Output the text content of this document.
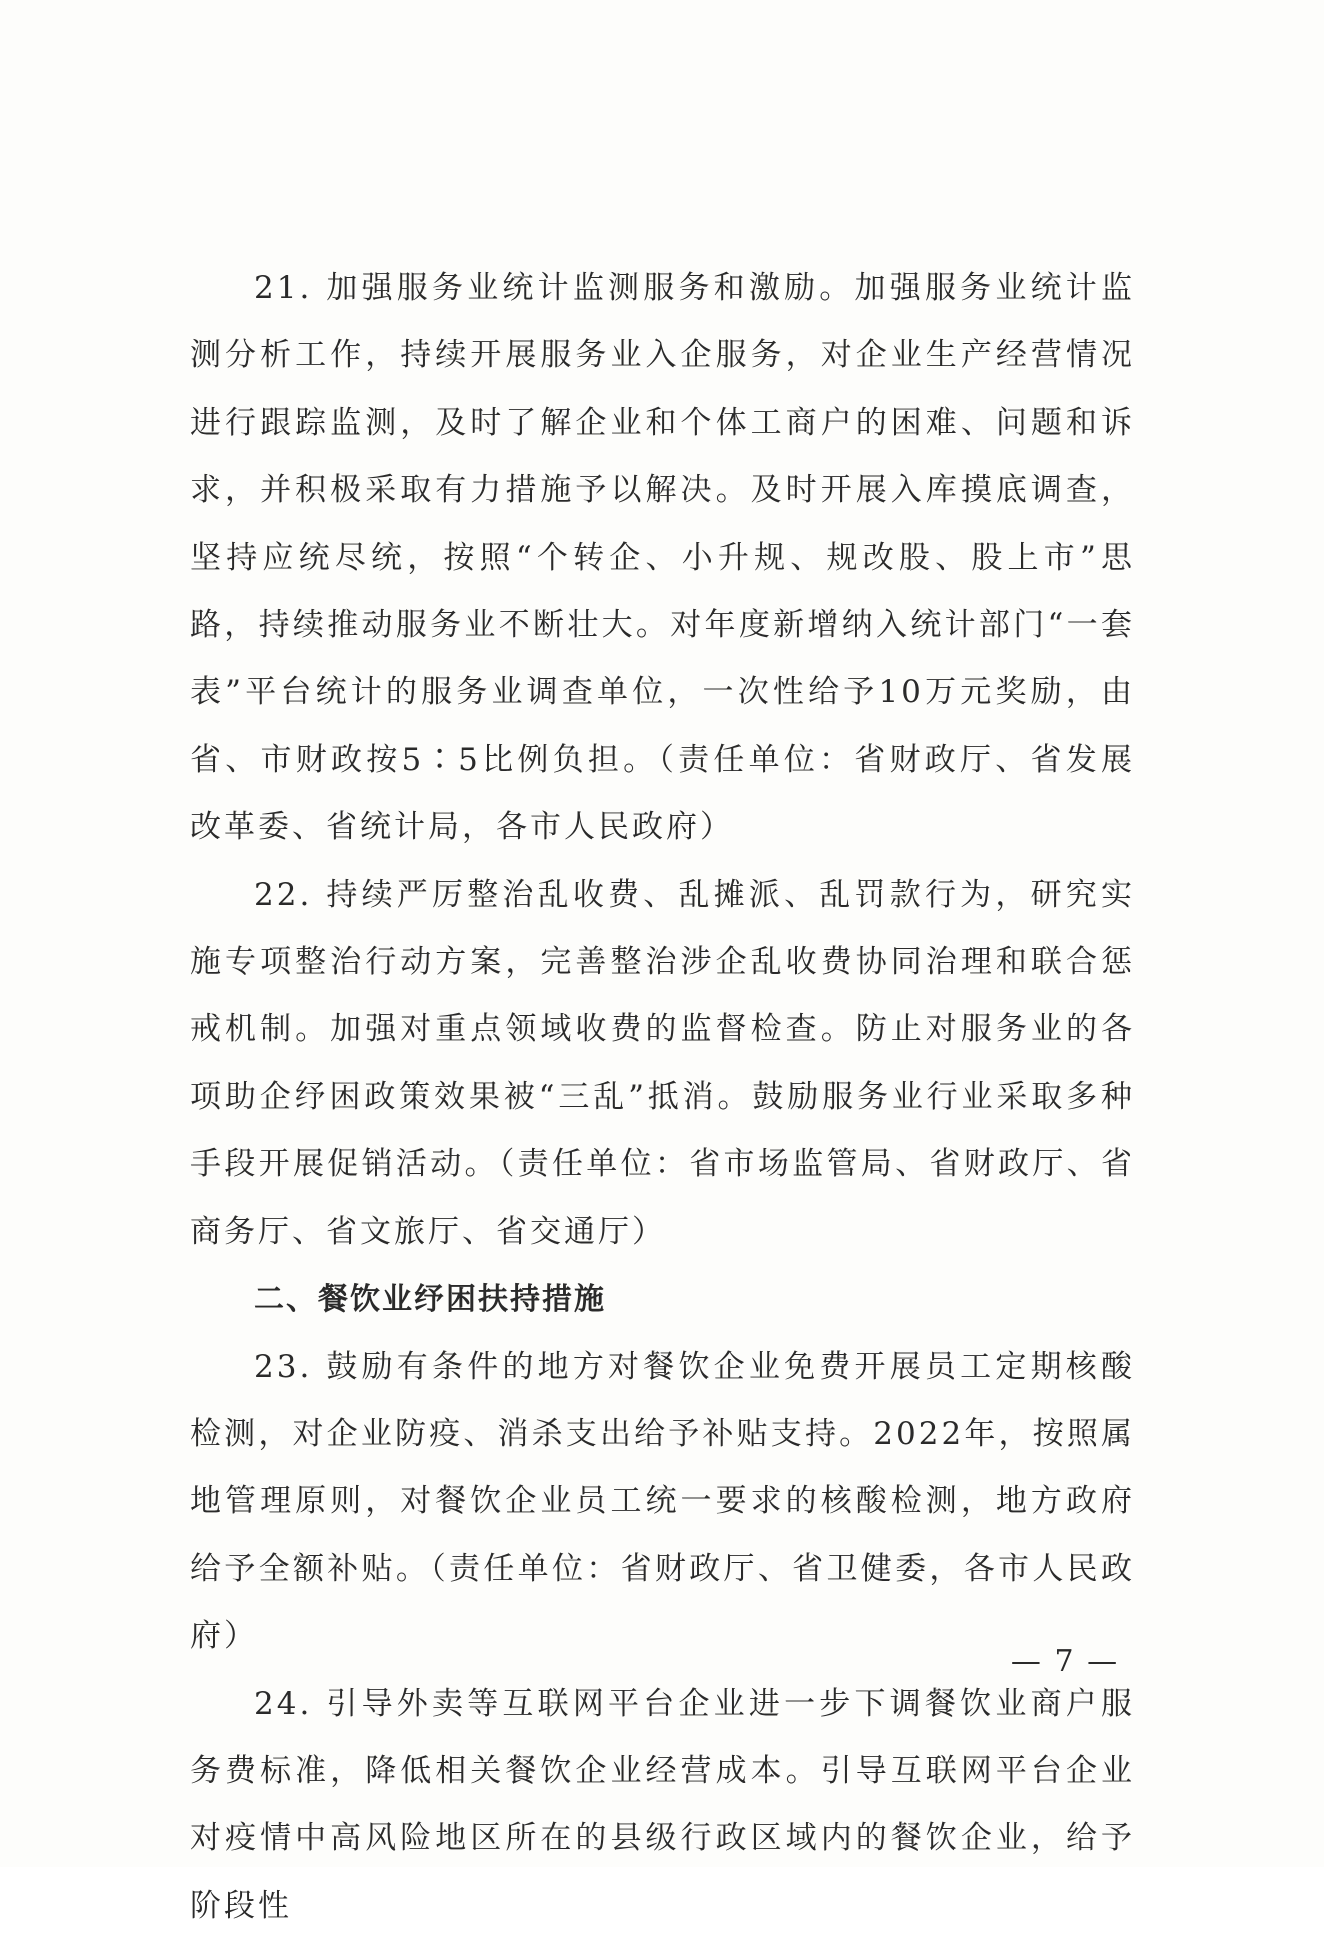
21. 加强服务业统计监测服务和激励。加强服务业统计监测分析工作，持续开展服务业入企服务，对企业生产经营情况进行跟踪监测，及时了解企业和个体工商户的困难、问题和诉求，并积极采取有力措施予以解决。及时开展入库摸底调查，坚持应统尽统，按照“个转企、小升规、规改股、股上市”思路，持续推动服务业不断壮大。对年度新增纳入统计部门“一套表”平台统计的服务业调查单位，一次性给予10万元奖励，由省、市财政按5∶5比例负担。（责任单位：省财政厅、省发展改革委、省统计局，各市人民政府）

22. 持续严厉整治乱收费、乱摊派、乱罚款行为，研究实施专项整治行动方案，完善整治涉企乱收费协同治理和联合惩戒机制。加强对重点领域收费的监督检查。防止对服务业的各项助企纾困政策效果被“三乱”抵消。鼓励服务业行业采取多种手段开展促销活动。（责任单位：省市场监管局、省财政厅、省商务厅、省文旅厅、省交通厅）

二、餐饮业纾困扶持措施

23. 鼓励有条件的地方对餐饮企业免费开展员工定期核酸检测，对企业防疫、消杀支出给予补贴支持。2022年，按照属地管理原则，对餐饮企业员工统一要求的核酸检测，地方政府给予全额补贴。（责任单位：省财政厅、省卫健委，各市人民政府）

24. 引导外卖等互联网平台企业进一步下调餐饮业商户服务费标准，降低相关餐饮企业经营成本。引导互联网平台企业对疫情中高风险地区所在的县级行政区域内的餐饮企业，给予阶段性

— 7 —
